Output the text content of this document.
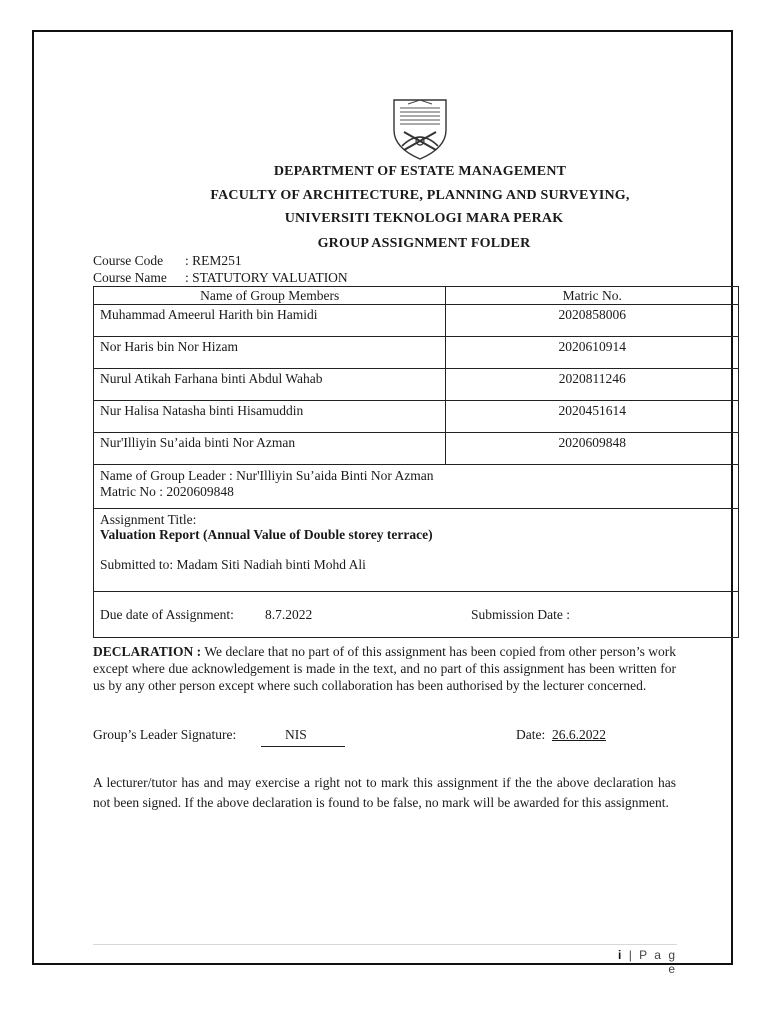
DEPARTMENT OF ESTATE MANAGEMENT
FACULTY OF ARCHITECTURE, PLANNING AND SURVEYING,
UNIVERSITI TEKNOLOGI MARA PERAK
GROUP ASSIGNMENT FOLDER
Course Code : REM251
Course Name : STATUTORY VALUATION
Name of Group Members	Matric No.
Muhammad Ameerul Harith bin Hamidi	2020858006
Nor Haris bin Nor Hizam	2020610914
Nurul Atikah Farhana binti Abdul Wahab	2020811246
Nur Halisa Natasha binti Hisamuddin	2020451614
Nur'Illiyin Su’aida binti Nor Azman	2020609848

Name of Group Leader : Nur'Illiyin Su’aida Binti Nor Azman
Matric No : 2020609848	

Assignment Title:
Valuation Report (Annual Value of Double storey terrace)
Submitted to: Madam Siti Nadiah binti Mohd Ali	

Due date of Assignment: 8.7.2022 Submission Date :	
DECLARATION : We declare that no part of of this assignment has been copied from other person’s work except where due acknowledgement is made in the text, and no part of this assignment has been written for us by any other person except where such collaboration has been authorised by the lecturer concerned.
Group’s Leader Signature:	NIS	Date: 26.6.2022
A lecturer/tutor has and may exercise a right not to mark this assignment if the the above declaration has not been signed. If the above declaration is found to be false, no mark will be awarded for this assignment.
i | P a g e
